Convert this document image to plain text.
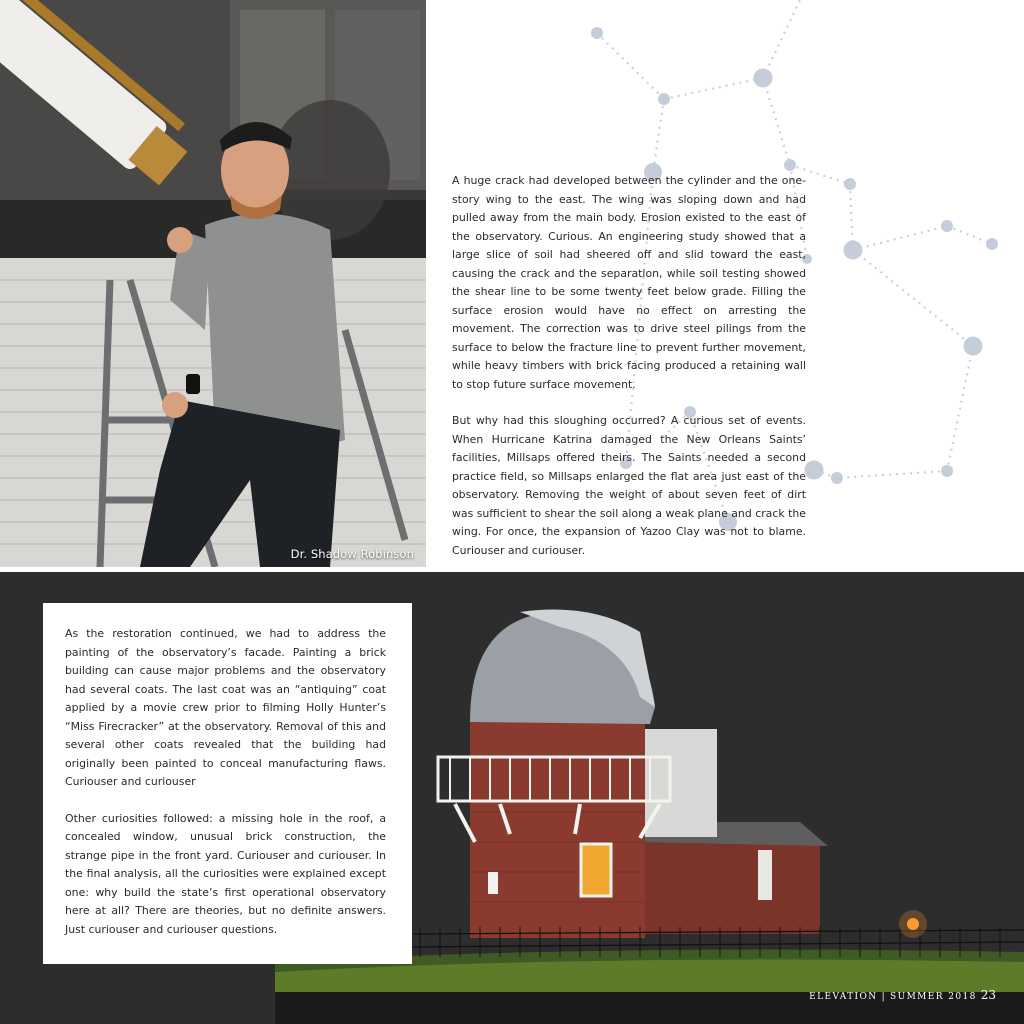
Dr. Shadow Robinson

A huge crack had developed between the cylinder and the one-story wing to the east. The wing was sloping down and had pulled away from the main body. Erosion existed to the east of the observatory. Curious. An engineering study showed that a large slice of soil had sheered off and slid toward the east, causing the crack and the separation, while soil testing showed the shear line to be some twenty feet below grade. Filling the surface erosion would have no effect on arresting the movement. The correction was to drive steel pilings from the surface to below the fracture line to prevent further movement, while heavy timbers with brick facing produced a retaining wall to stop future surface movement.

But why had this sloughing occurred? A curious set of events. When Hurricane Katrina damaged the New Orleans Saints’ facilities, Millsaps offered theirs. The Saints needed a second practice field, so Millsaps enlarged the flat area just east of the observatory. Removing the weight of about seven feet of dirt was sufficient to shear the soil along a weak plane and crack the wing. For once, the expansion of Yazoo Clay was not to blame. Curiouser and curiouser.

As the restoration continued, we had to address the painting of the observatory’s facade. Painting a brick building can cause major problems and the observatory had several coats. The last coat was an “antiquing” coat applied by a movie crew prior to filming Holly Hunter’s “Miss Firecracker” at the observatory. Removal of this and several other coats revealed that the building had originally been painted to conceal manufacturing flaws. Curiouser and curiouser

Other curiosities followed: a missing hole in the roof, a concealed window, unusual brick construction, the strange pipe in the front yard. Curiouser and curiouser. In the final analysis, all the curiosities were explained except one: why build the state’s first operational observatory here at all? There are theories, but no definite answers. Just curiouser and curiouser questions.

ELEVATION | SUMMER 2018 23
